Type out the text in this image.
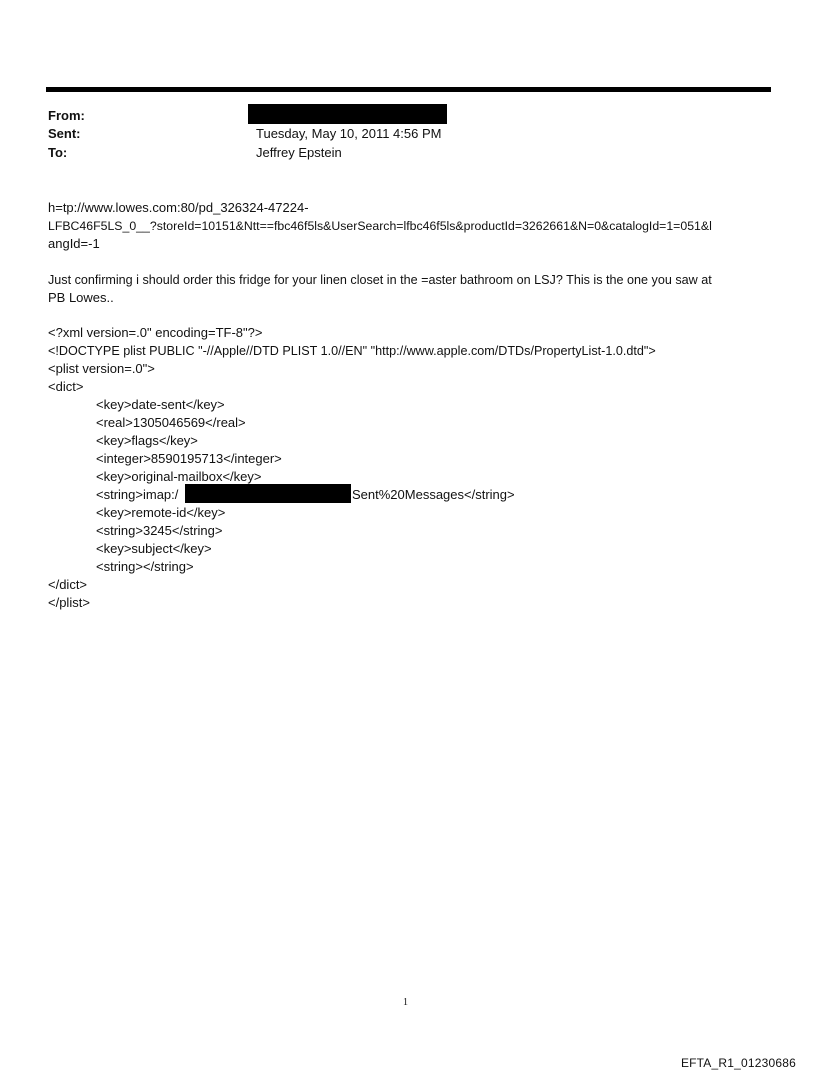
From:
Sent:	Tuesday, May 10, 2011 4:56 PM
To:	Jeffrey Epstein
h=tp://www.lowes.com:80/pd_326324-47224-
LFBC46F5LS_0__?storeId=10151&Ntt==fbc46f5ls&UserSearch=lfbc46f5ls&productId=3262661&N=0&catalogId=1=051&l
angId=-1
Just confirming i should order this fridge for your linen closet in the =aster bathroom on LSJ? This is the one you saw at
PB Lowes..
<?xml version=.0" encoding=TF-8"?>
<!DOCTYPE plist PUBLIC "-//Apple//DTD PLIST 1.0//EN" "http://www.apple.com/DTDs/PropertyList-1.0.dtd">
<plist version=.0">
<dict>
<key>date-sent</key>
<real>1305046569</real>
<key>flags</key>
<integer>8590195713</integer>
<key>original-mailbox</key>
<string>imap:/	Sent%20Messages</string>
<key>remote-id</key>
<string>3245</string>
<key>subject</key>
<string></string>
</dict>
</plist>
1
EFTA_R1_01230686
